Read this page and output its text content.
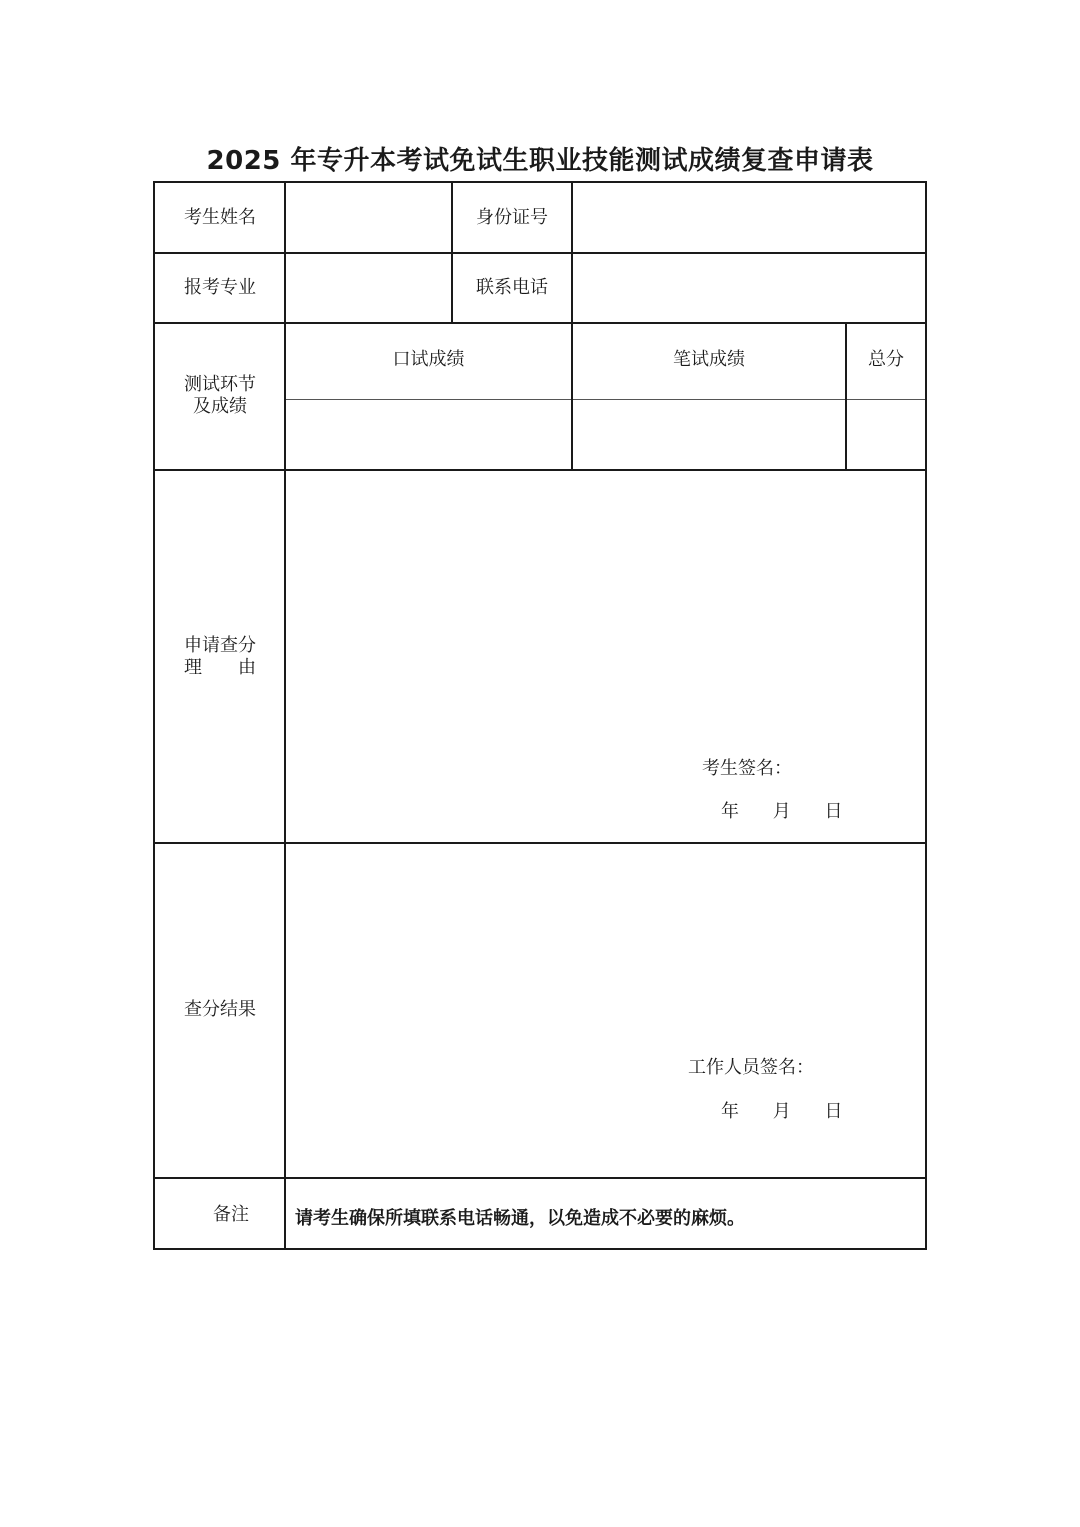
2025 年专升本考试免试生职业技能测试成绩复查申请表
考生姓名	身份证号
报考专业	联系电话
测试环节
及成绩
口试成绩	笔试成绩	总分
申请查分
理　　由
考生签名：
年 月 日
查分结果
工作人员签名：
年 月 日
备注	请考生确保所填联系电话畅通，以免造成不必要的麻烦。
